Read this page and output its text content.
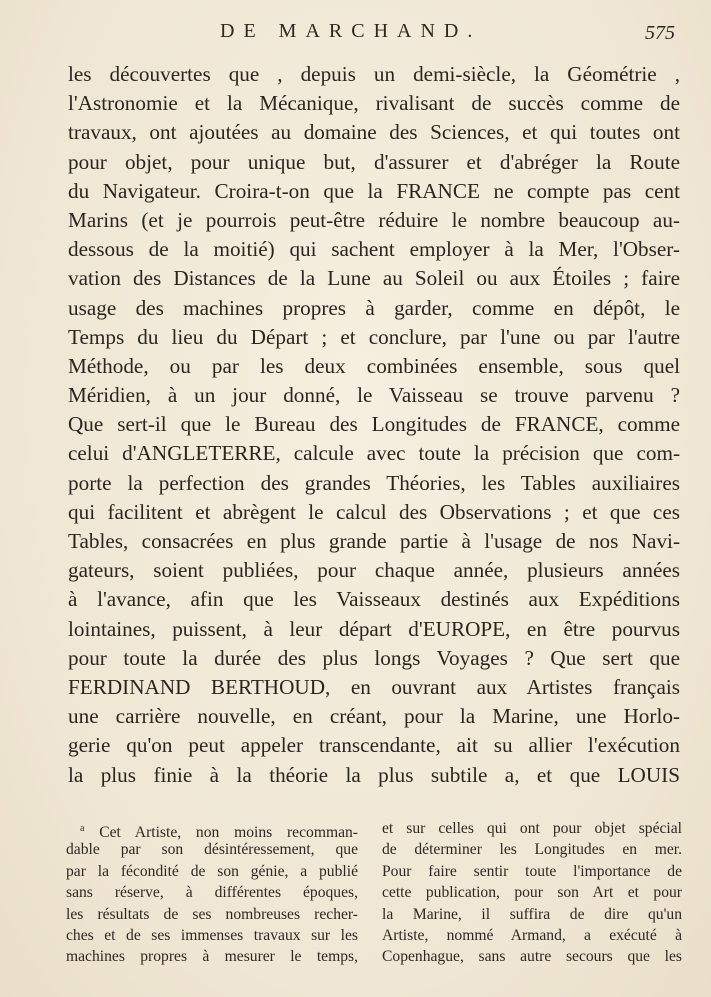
DE MARCHAND.	575
les découvertes que , depuis un demi-siècle, la Géométrie ,
l'Astronomie et la Mécanique, rivalisant de succès comme de
travaux, ont ajoutées au domaine des Sciences, et qui toutes ont
pour objet, pour unique but, d'assurer et d'abréger la Route
du Navigateur. Croira-t-on que la FRANCE ne compte pas cent
Marins (et je pourrois peut-être réduire le nombre beaucoup au-
dessous de la moitié) qui sachent employer à la Mer, l'Obser-
vation des Distances de la Lune au Soleil ou aux Étoiles ; faire
usage des machines propres à garder, comme en dépôt, le
Temps du lieu du Départ ; et conclure, par l'une ou par l'autre
Méthode, ou par les deux combinées ensemble, sous quel
Méridien, à un jour donné, le Vaisseau se trouve parvenu ?
Que sert-il que le Bureau des Longitudes de FRANCE, comme
celui d'ANGLETERRE, calcule avec toute la précision que com-
porte la perfection des grandes Théories, les Tables auxiliaires
qui facilitent et abrègent le calcul des Observations ; et que ces
Tables, consacrées en plus grande partie à l'usage de nos Navi-
gateurs, soient publiées, pour chaque année, plusieurs années
à l'avance, afin que les Vaisseaux destinés aux Expéditions
lointaines, puissent, à leur départ d'EUROPE, en être pourvus
pour toute la durée des plus longs Voyages ? Que sert que
FERDINAND BERTHOUD, en ouvrant aux Artistes français
une carrière nouvelle, en créant, pour la Marine, une Horlo-
gerie qu'on peut appeler transcendante, ait su allier l'exécution
la plus finie à la théorie la plus subtile a, et que LOUIS
$^a$ Cet Artiste, non moins recomman-
dable par son désintéressement, que
par la fécondité de son génie, a publié
sans réserve, à différentes époques,
les résultats de ses nombreuses recher-
ches et de ses immenses travaux sur les
machines propres à mesurer le temps,
et sur celles qui ont pour objet spécial
de déterminer les Longitudes en mer.
Pour faire sentir toute l'importance de
cette publication, pour son Art et pour
la Marine, il suffira de dire qu'un
Artiste, nommé Armand, a exécuté à
Copenhague, sans autre secours que les
